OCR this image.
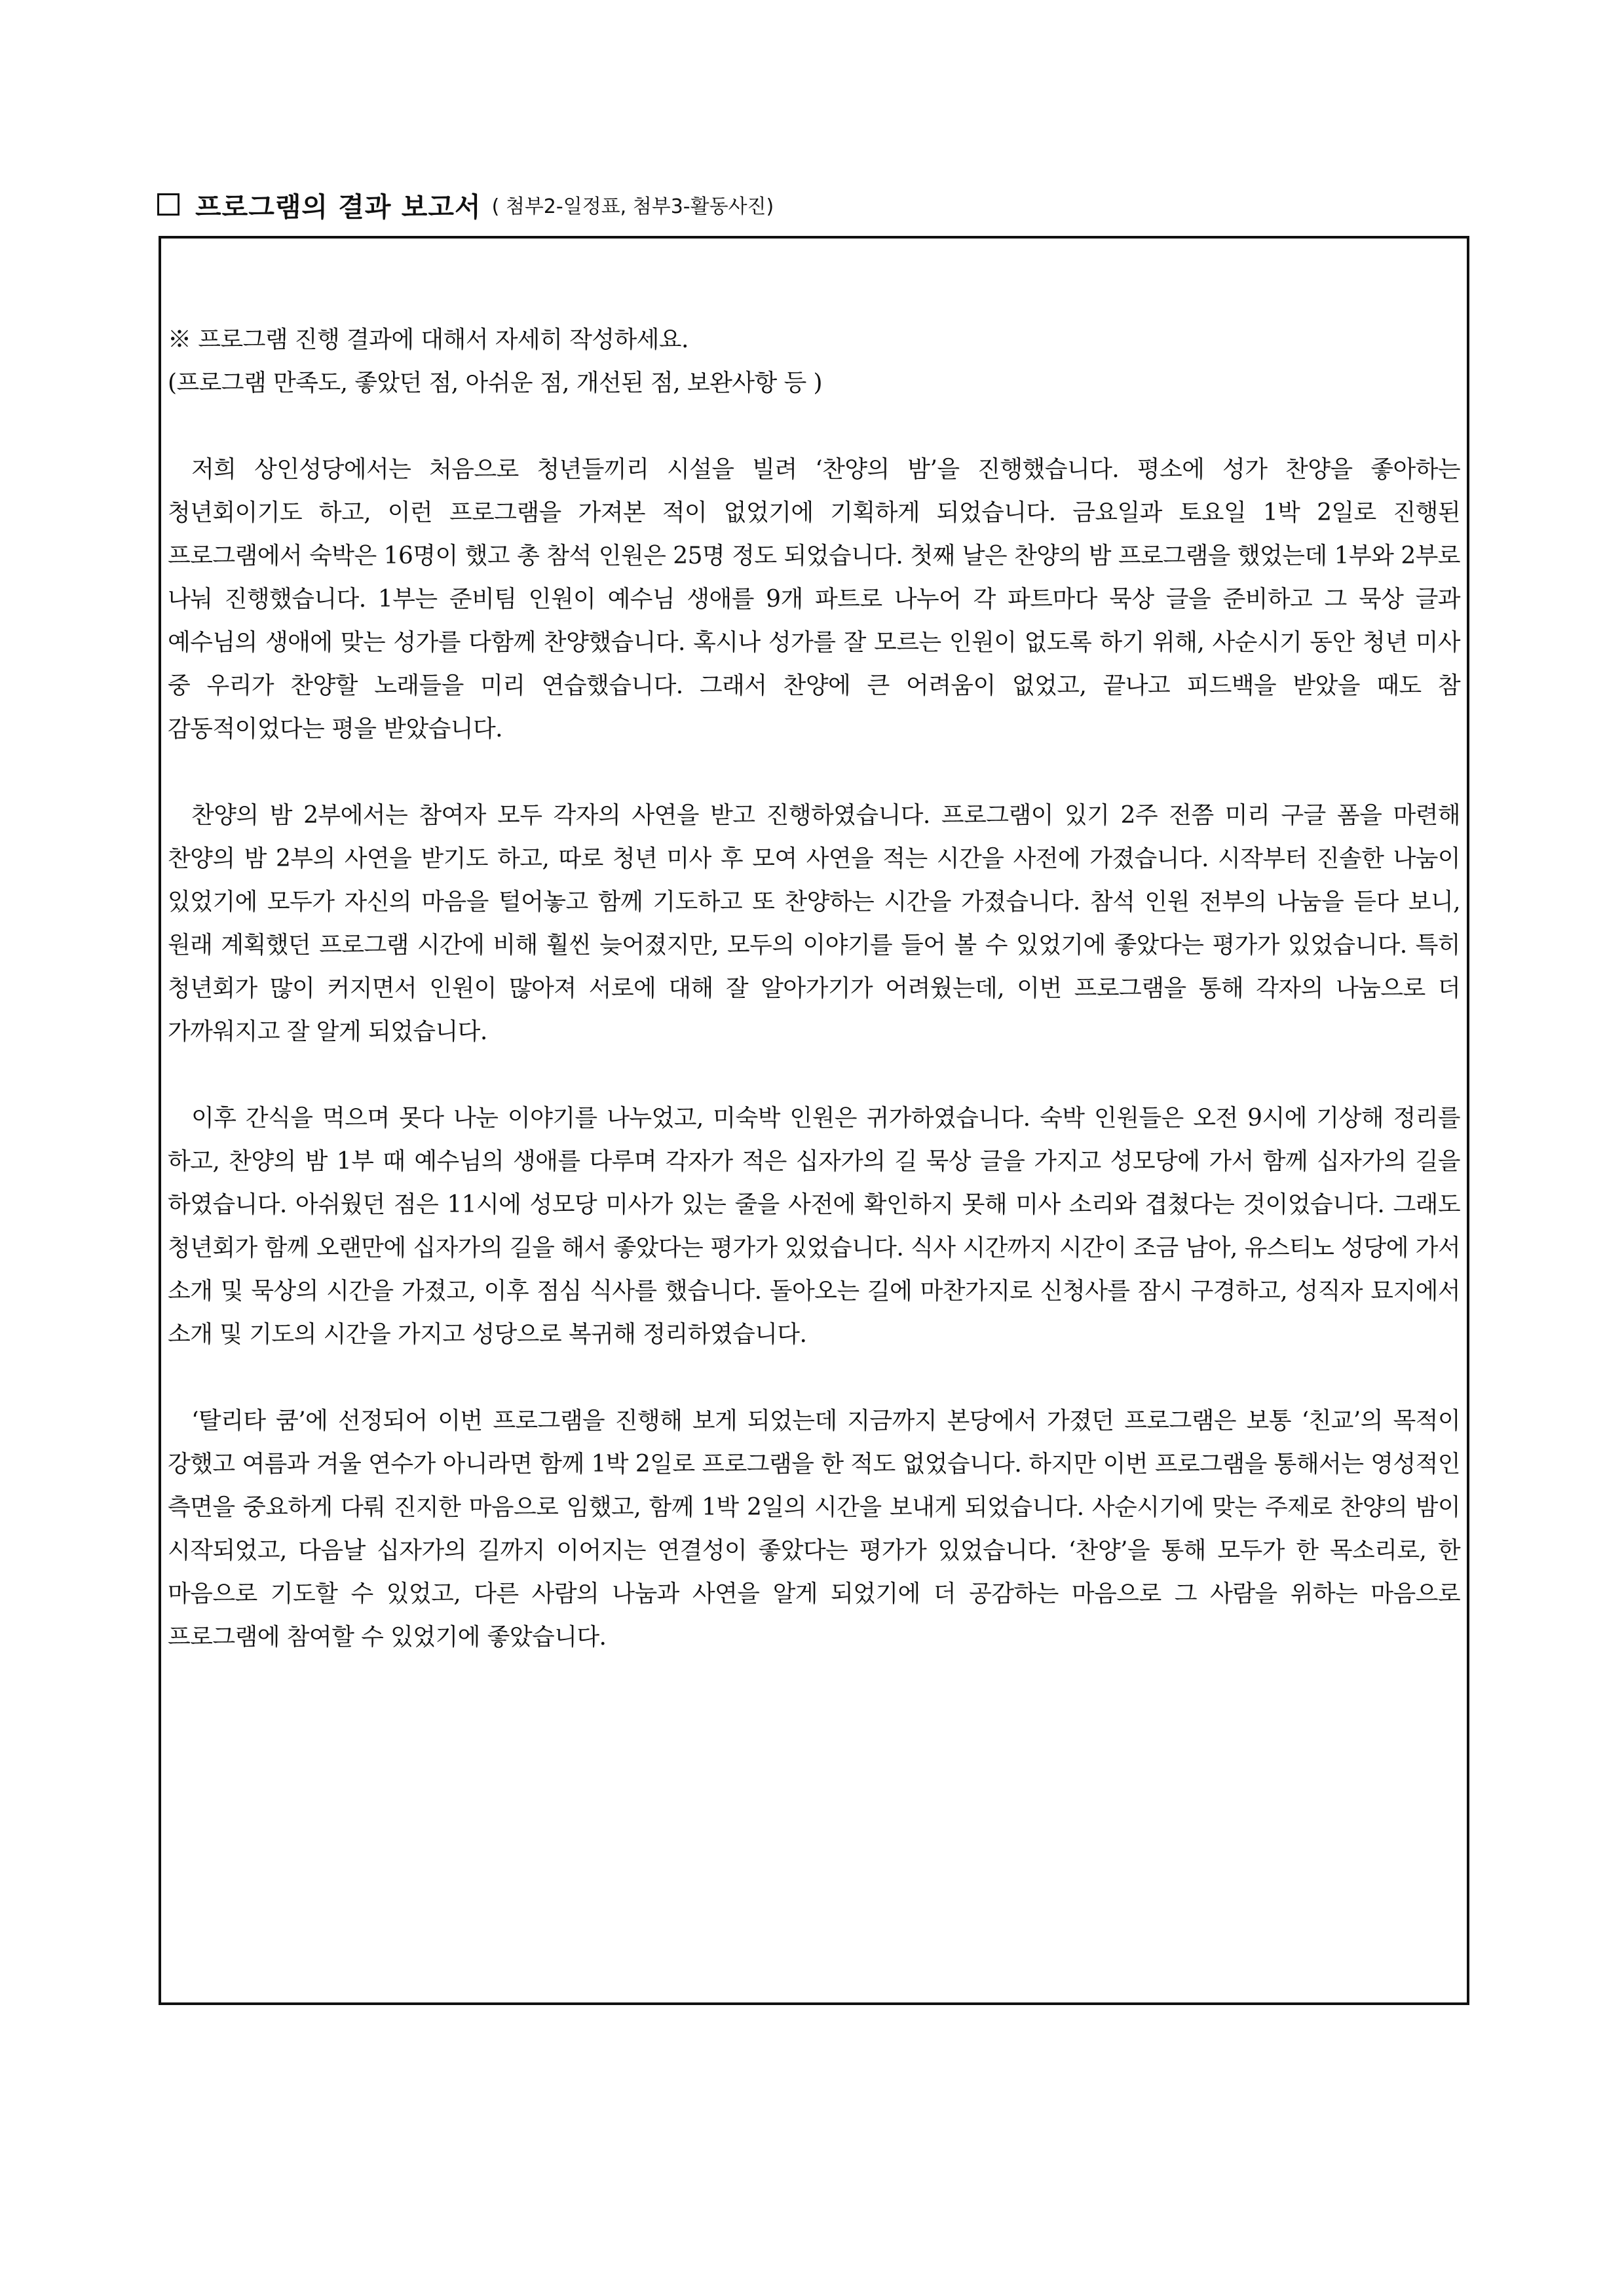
프로그램의 결과 보고서 ( 첨부2-일정표, 첨부3-활동사진)
※ 프로그램 진행 결과에 대해서 자세히 작성하세요.
(프로그램 만족도, 좋았던 점, 아쉬운 점, 개선된 점, 보완사항 등 )

저희 상인성당에서는 처음으로 청년들끼리 시설을 빌려 ‘찬양의 밤’을 진행했습니다. 평소에 성가 찬양을 좋아하는 청년회이기도 하고, 이런 프로그램을 가져본 적이 없었기에 기획하게 되었습니다. 금요일과 토요일 1박 2일로 진행된 프로그램에서 숙박은 16명이 했고 총 참석 인원은 25명 정도 되었습니다. 첫째 날은 찬양의 밤 프로그램을 했었는데 1부와 2부로 나눠 진행했습니다. 1부는 준비팀 인원이 예수님 생애를 9개 파트로 나누어 각 파트마다 묵상 글을 준비하고 그 묵상 글과 예수님의 생애에 맞는 성가를 다함께 찬양했습니다. 혹시나 성가를 잘 모르는 인원이 없도록 하기 위해, 사순시기 동안 청년 미사 중 우리가 찬양할 노래들을 미리 연습했습니다. 그래서 찬양에 큰 어려움이 없었고, 끝나고 피드백을 받았을 때도 참 감동적이었다는 평을 받았습니다.

찬양의 밤 2부에서는 참여자 모두 각자의 사연을 받고 진행하였습니다. 프로그램이 있기 2주 전쯤 미리 구글 폼을 마련해 찬양의 밤 2부의 사연을 받기도 하고, 따로 청년 미사 후 모여 사연을 적는 시간을 사전에 가졌습니다. 시작부터 진솔한 나눔이 있었기에 모두가 자신의 마음을 털어놓고 함께 기도하고 또 찬양하는 시간을 가졌습니다. 참석 인원 전부의 나눔을 듣다 보니, 원래 계획했던 프로그램 시간에 비해 훨씬 늦어졌지만, 모두의 이야기를 들어 볼 수 있었기에 좋았다는 평가가 있었습니다. 특히 청년회가 많이 커지면서 인원이 많아져 서로에 대해 잘 알아가기가 어려웠는데, 이번 프로그램을 통해 각자의 나눔으로 더 가까워지고 잘 알게 되었습니다.

이후 간식을 먹으며 못다 나눈 이야기를 나누었고, 미숙박 인원은 귀가하였습니다. 숙박 인원들은 오전 9시에 기상해 정리를 하고, 찬양의 밤 1부 때 예수님의 생애를 다루며 각자가 적은 십자가의 길 묵상 글을 가지고 성모당에 가서 함께 십자가의 길을 하였습니다. 아쉬웠던 점은 11시에 성모당 미사가 있는 줄을 사전에 확인하지 못해 미사 소리와 겹쳤다는 것이었습니다. 그래도 청년회가 함께 오랜만에 십자가의 길을 해서 좋았다는 평가가 있었습니다. 식사 시간까지 시간이 조금 남아, 유스티노 성당에 가서 소개 및 묵상의 시간을 가졌고, 이후 점심 식사를 했습니다. 돌아오는 길에 마찬가지로 신청사를 잠시 구경하고, 성직자 묘지에서 소개 및 기도의 시간을 가지고 성당으로 복귀해 정리하였습니다.

‘탈리타 쿰’에 선정되어 이번 프로그램을 진행해 보게 되었는데 지금까지 본당에서 가졌던 프로그램은 보통 ‘친교’의 목적이 강했고 여름과 겨울 연수가 아니라면 함께 1박 2일로 프로그램을 한 적도 없었습니다. 하지만 이번 프로그램을 통해서는 영성적인 측면을 중요하게 다뤄 진지한 마음으로 임했고, 함께 1박 2일의 시간을 보내게 되었습니다. 사순시기에 맞는 주제로 찬양의 밤이 시작되었고, 다음날 십자가의 길까지 이어지는 연결성이 좋았다는 평가가 있었습니다. ‘찬양’을 통해 모두가 한 목소리로, 한 마음으로 기도할 수 있었고, 다른 사람의 나눔과 사연을 알게 되었기에 더 공감하는 마음으로 그 사람을 위하는 마음으로 프로그램에 참여할 수 있었기에 좋았습니다.
